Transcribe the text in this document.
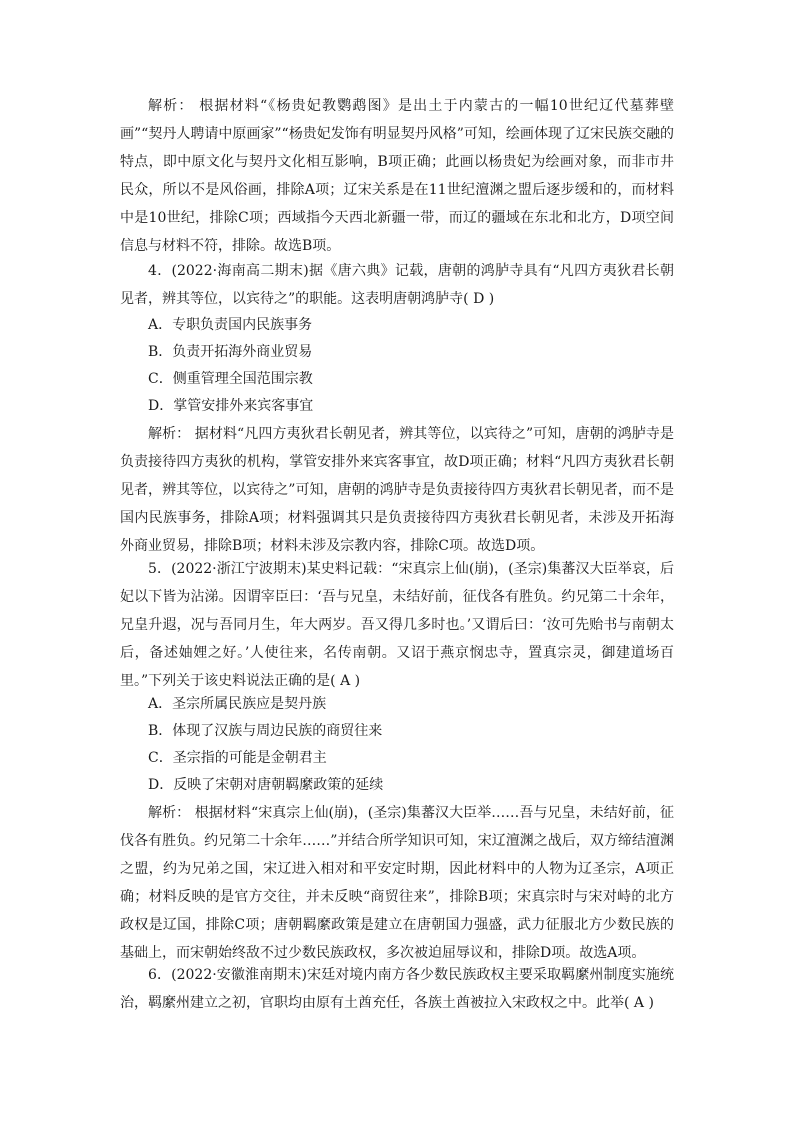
解析： 根据材料“《杨贵妃教鹦鹉图》是出土于内蒙古的一幅10世纪辽代墓葬壁画”“契丹人聘请中原画家”“杨贵妃发饰有明显契丹风格”可知，绘画体现了辽宋民族交融的特点，即中原文化与契丹文化相互影响，B项正确；此画以杨贵妃为绘画对象，而非市井民众，所以不是风俗画，排除A项；辽宋关系是在11世纪澶渊之盟后逐步缓和的，而材料中是10世纪，排除C项；西域指今天西北新疆一带，而辽的疆域在东北和北方，D项空间信息与材料不符，排除。故选B项。

4．(2022·海南高二期末)据《唐六典》记载，唐朝的鸿胪寺具有“凡四方夷狄君长朝见者，辨其等位，以宾待之”的职能。这表明唐朝鸿胪寺( D )

A．专职负责国内民族事务

B．负责开拓海外商业贸易

C．侧重管理全国范围宗教

D．掌管安排外来宾客事宜

解析： 据材料“凡四方夷狄君长朝见者，辨其等位，以宾待之”可知，唐朝的鸿胪寺是负责接待四方夷狄的机构，掌管安排外来宾客事宜，故D项正确；材料“凡四方夷狄君长朝见者，辨其等位，以宾待之”可知，唐朝的鸿胪寺是负责接待四方夷狄君长朝见者，而不是国内民族事务，排除A项；材料强调其只是负责接待四方夷狄君长朝见者，未涉及开拓海外商业贸易，排除B项；材料未涉及宗教内容，排除C项。故选D项。

5．(2022·浙江宁波期末)某史料记载：“宋真宗上仙(崩)，(圣宗)集蕃汉大臣举哀，后妃以下皆为沾涕。因谓宰臣曰：‘吾与兄皇，未结好前，征伐各有胜负。约兄第二十余年，兄皇升遐，况与吾同月生，年大两岁。吾又得几多时也。’又谓后曰：‘汝可先贻书与南朝太后，备述妯娌之好。’人使往来，名传南朝。又诏于燕京悯忠寺，置真宗灵，御建道场百里。”下列关于该史料说法正确的是( A )

A．圣宗所属民族应是契丹族

B．体现了汉族与周边民族的商贸往来

C．圣宗指的可能是金朝君主

D．反映了宋朝对唐朝羁縻政策的延续

解析： 根据材料“宋真宗上仙(崩)，(圣宗)集蕃汉大臣举……吾与兄皇，未结好前，征伐各有胜负。约兄第二十余年……”并结合所学知识可知，宋辽澶渊之战后，双方缔结澶渊之盟，约为兄弟之国，宋辽进入相对和平安定时期，因此材料中的人物为辽圣宗，A项正确；材料反映的是官方交往，并未反映“商贸往来”，排除B项；宋真宗时与宋对峙的北方政权是辽国，排除C项；唐朝羁縻政策是建立在唐朝国力强盛，武力征服北方少数民族的基础上，而宋朝始终敌不过少数民族政权，多次被迫屈辱议和，排除D项。故选A项。

6．(2022·安徽淮南期末)宋廷对境内南方各少数民族政权主要采取羁縻州制度实施统治，羁縻州建立之初，官职均由原有土酋充任，各族土酋被拉入宋政权之中。此举( A )
